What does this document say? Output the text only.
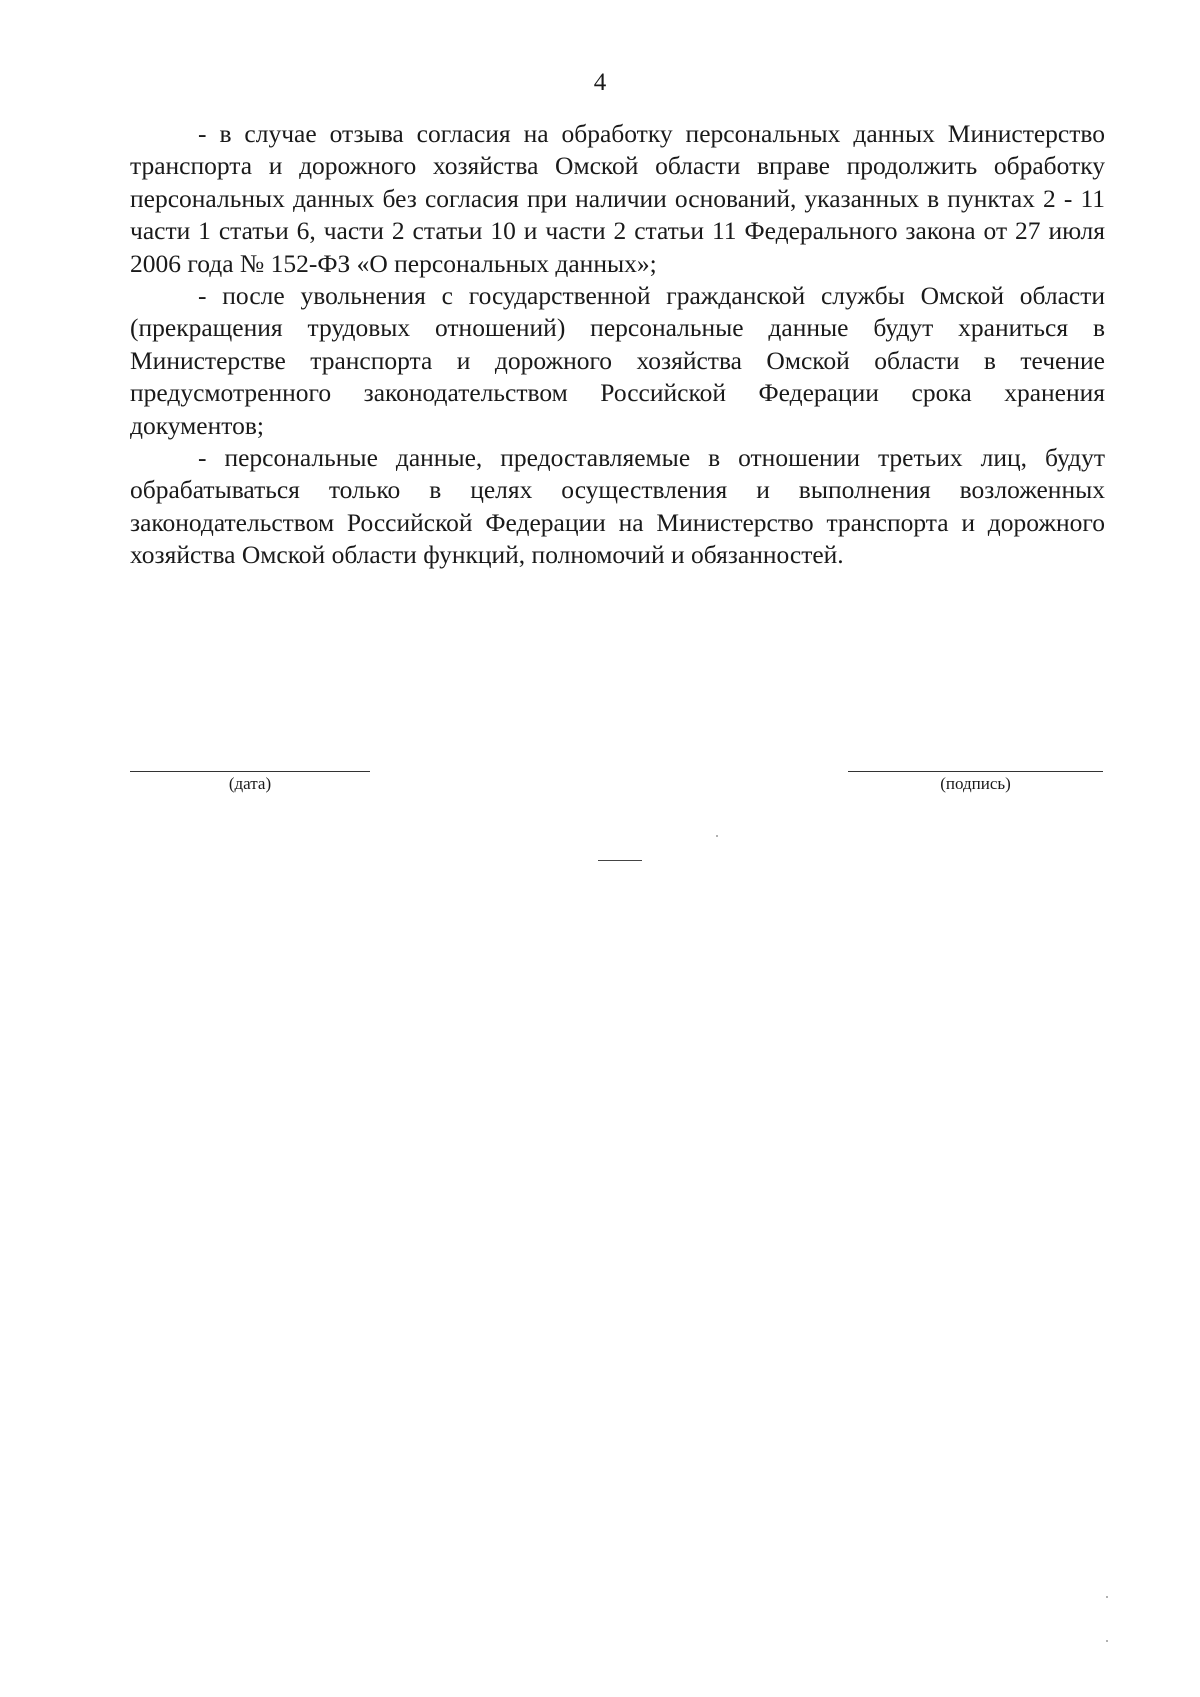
4

- в случае отзыва согласия на обработку персональных данных Министерство транспорта и дорожного хозяйства Омской области вправе продолжить обработку персональных данных без согласия при наличии оснований, указанных в пунктах 2 - 11 части 1 статьи 6, части 2 статьи 10 и части 2 статьи 11 Федерального закона от 27 июля 2006 года № 152-ФЗ «О персональных данных»;

- после увольнения с государственной гражданской службы Омской области (прекращения трудовых отношений) персональные данные будут храниться в Министерстве транспорта и дорожного хозяйства Омской области в течение предусмотренного законодательством Российской Федерации срока хранения документов;

- персональные данные, предоставляемые в отношении третьих лиц, будут обрабатываться только в целях осуществления и выполнения возложенных законодательством Российской Федерации на Министерство транспорта и дорожного хозяйства Омской области функций, полномочий и обязанностей.

(дата)	(подпись)
